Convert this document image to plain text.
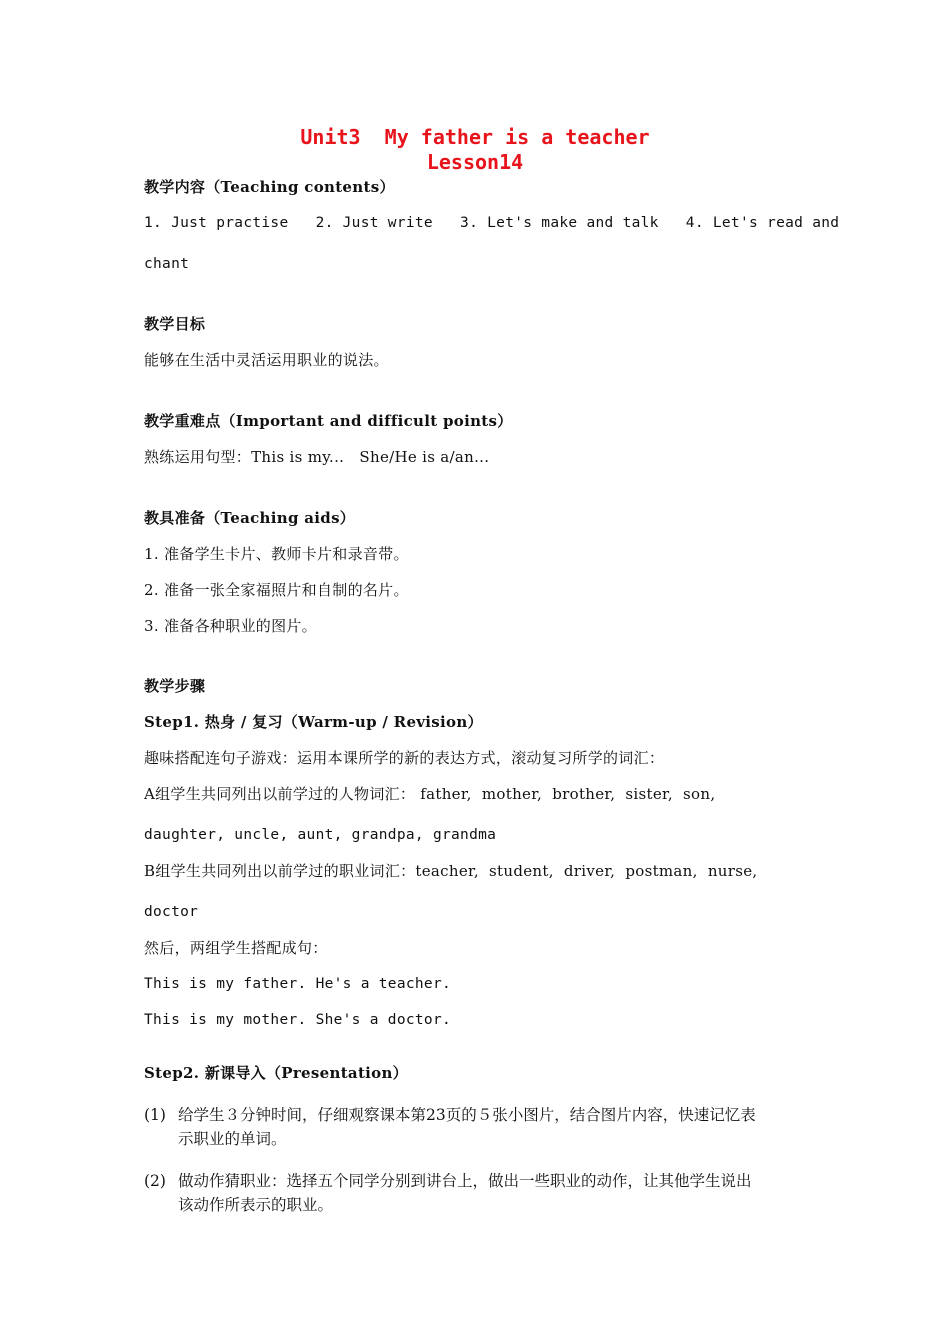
Unit3  My father is a teacher
Lesson14
教学内容（Teaching contents）
1. Just practise   2. Just write   3. Let's make and talk   4. Let's read and
chant
教学目标
能够在生活中灵活运用职业的说法。
教学重难点（Important and difficult points）
熟练运用句型：This is my...   She/He is a/an...
教具准备（Teaching aids）
1. 准备学生卡片、教师卡片和录音带。
2. 准备一张全家福照片和自制的名片。
3. 准备各种职业的图片。
教学步骤
Step1. 热身 / 复习（Warm-up / Revision）
趣味搭配连句子游戏：运用本课所学的新的表达方式，滚动复习所学的词汇：
A组学生共同列出以前学过的人物词汇： father,  mother,  brother,  sister,  son,
daughter, uncle, aunt, grandpa, grandma
B组学生共同列出以前学过的职业词汇：teacher,  student,  driver,  postman,  nurse,
doctor
然后，两组学生搭配成句：
This is my father. He's a teacher.
This is my mother. She's a doctor.
Step2. 新课导入（Presentation）
(1) 给学生３分钟时间，仔细观察课本第23页的５张小图片，结合图片内容，快速记忆表
示职业的单词。
(2) 做动作猜职业：选择五个同学分别到讲台上，做出一些职业的动作，让其他学生说出
该动作所表示的职业。
